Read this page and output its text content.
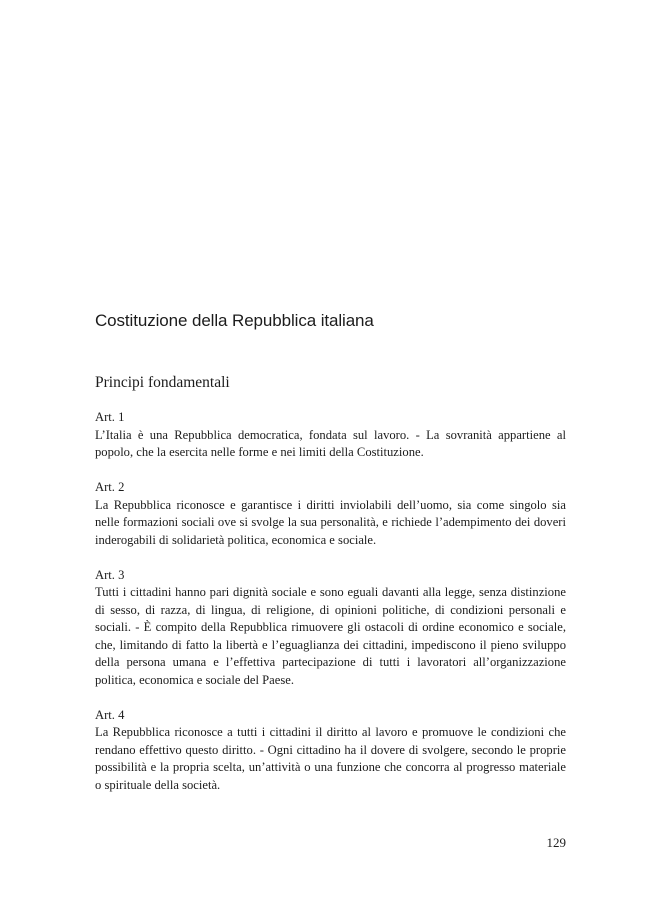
Costituzione della Repubblica italiana
Principi fondamentali
Art. 1
L’Italia è una Repubblica democratica, fondata sul lavoro. - La sovranità appartiene al popolo, che la esercita nelle forme e nei limiti della Costituzione.
Art. 2
La Repubblica riconosce e garantisce i diritti inviolabili dell’uomo, sia come singolo sia nelle formazioni sociali ove si svolge la sua personalità, e richiede l’adempimento dei doveri inderogabili di solidarietà politica, economica e sociale.
Art. 3
Tutti i cittadini hanno pari dignità sociale e sono eguali davanti alla legge, senza distinzione di sesso, di razza, di lingua, di religione, di opinioni politiche, di condizioni personali e sociali. - È compito della Repubblica rimuovere gli ostacoli di ordine economico e sociale, che, limitando di fatto la libertà e l’eguaglianza dei cittadini, impediscono il pieno sviluppo della persona umana e l’effettiva partecipazione di tutti i lavoratori all’organizzazione politica, economica e sociale del Paese.
Art. 4
La Repubblica riconosce a tutti i cittadini il diritto al lavoro e promuove le condizioni che rendano effettivo questo diritto. - Ogni cittadino ha il dovere di svolgere, secondo le proprie possibilità e la propria scelta, un’attività o una funzione che concorra al progresso materiale o spirituale della società.
129
